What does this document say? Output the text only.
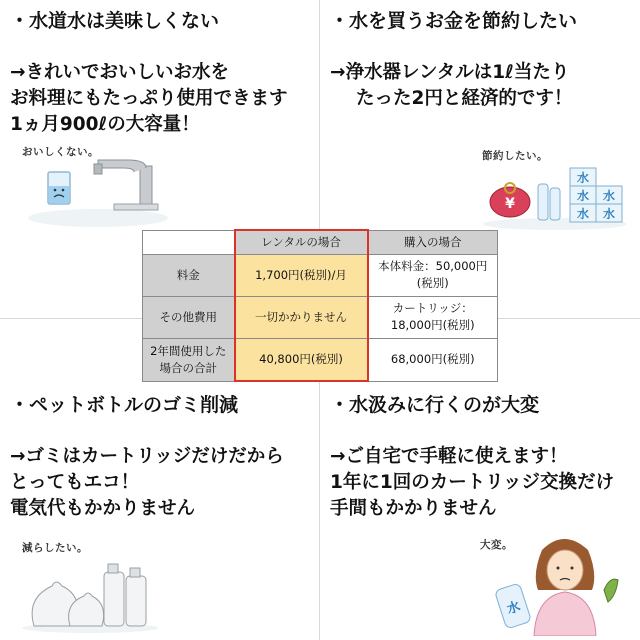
・水道水は美味しくない
→きれいでおいしいお水を
お料理にもたっぷり使用できます
1ヵ月900ℓの大容量！
・水を買うお金を節約したい
→浄水器レンタルは1ℓ当たり
たった2円と経済的です！
・ペットボトルのゴミ削減
→ゴミはカートリッジだけだから
とってもエコ！
電気代もかかりません
・水汲みに行くのが大変
→ご自宅で手軽に使えます！
1年に1回のカートリッジ交換だけ
手間もかかりません
おいしくない。	節約したい。
減らしたい。	大変。
¥
水
水
水
水
水
水
	レンタルの場合	購入の場合
料金	1,700円(税別)/月	本体料金：50,000円
(税別)

その他費用	一切かかりません	カートリッジ：
18,000円(税別)

2年間使用した
場合の合計	40,800円(税別)	68,000円(税別)
